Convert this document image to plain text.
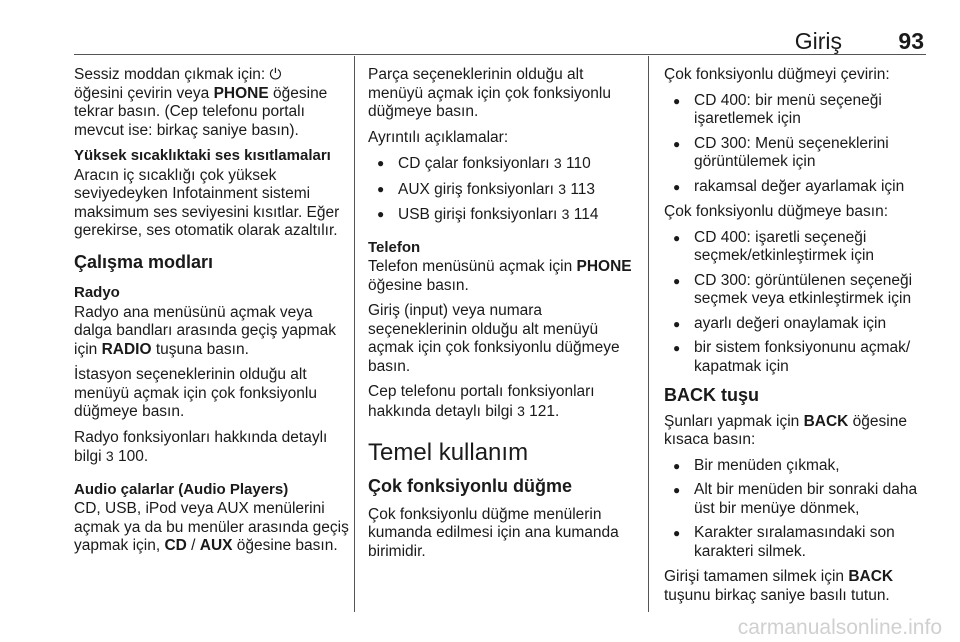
Giriş 93

Sessiz moddan çıkmak için: ⏻
öğesini çevirin veya PHONE öğesine tekrar basın. (Cep telefonu portalı mevcut ise: birkaç saniye basın).

Yüksek sıcaklıktaki ses kısıtlamaları

Aracın iç sıcaklığı çok yüksek seviyedeyken Infotainment sistemi maksimum ses seviyesini kısıtlar. Eğer gerekirse, ses otomatik olarak azaltılır.

Çalışma modları
Radyo

Radyo ana menüsünü açmak veya dalga bandları arasında geçiş yapmak için RADIO tuşuna basın.

İstasyon seçeneklerinin olduğu alt menüyü açmak için çok fonksiyonlu düğmeye basın.

Radyo fonksiyonları hakkında detaylı bilgi 3 100.

Audio çalarlar (Audio Players)

CD, USB, iPod veya AUX menülerini açmak ya da bu menüler arasında geçiş yapmak için, CD / AUX öğesine basın.

Parça seçeneklerinin olduğu alt menüyü açmak için çok fonksiyonlu düğmeye basın.

Ayrıntılı açıklamalar:

● CD çalar fonksiyonları 3 110
● AUX giriş fonksiyonları 3 113
● USB girişi fonksiyonları 3 114
Telefon

Telefon menüsünü açmak için PHONE öğesine basın.

Giriş (input) veya numara seçeneklerinin olduğu alt menüyü açmak için çok fonksiyonlu düğmeye basın.

Cep telefonu portalı fonksiyonları hakkında detaylı bilgi 3 121.

Temel kullanım
Çok fonksiyonlu düğme

Çok fonksiyonlu düğme menülerin kumanda edilmesi için ana kumanda birimidir.

Çok fonksiyonlu düğmeyi çevirin:

● CD 400: bir menü seçeneği işaretlemek için
● CD 300: Menü seçeneklerini görüntülemek için
● rakamsal değer ayarlamak için

Çok fonksiyonlu düğmeye basın:

● CD 400: işaretli seçeneği seçmek/etkinleştirmek için
● CD 300: görüntülenen seçeneği seçmek veya etkinleştirmek için
● ayarlı değeri onaylamak için
● bir sistem fonksiyonunu açmak/ kapatmak için
BACK tuşu

Şunları yapmak için BACK öğesine kısaca basın:

● Bir menüden çıkmak,
● Alt bir menüden bir sonraki daha üst bir menüye dönmek,
● Karakter sıralamasındaki son karakteri silmek.

Girişi tamamen silmek için BACK tuşunu birkaç saniye basılı tutun.

carmanualsonline.info
